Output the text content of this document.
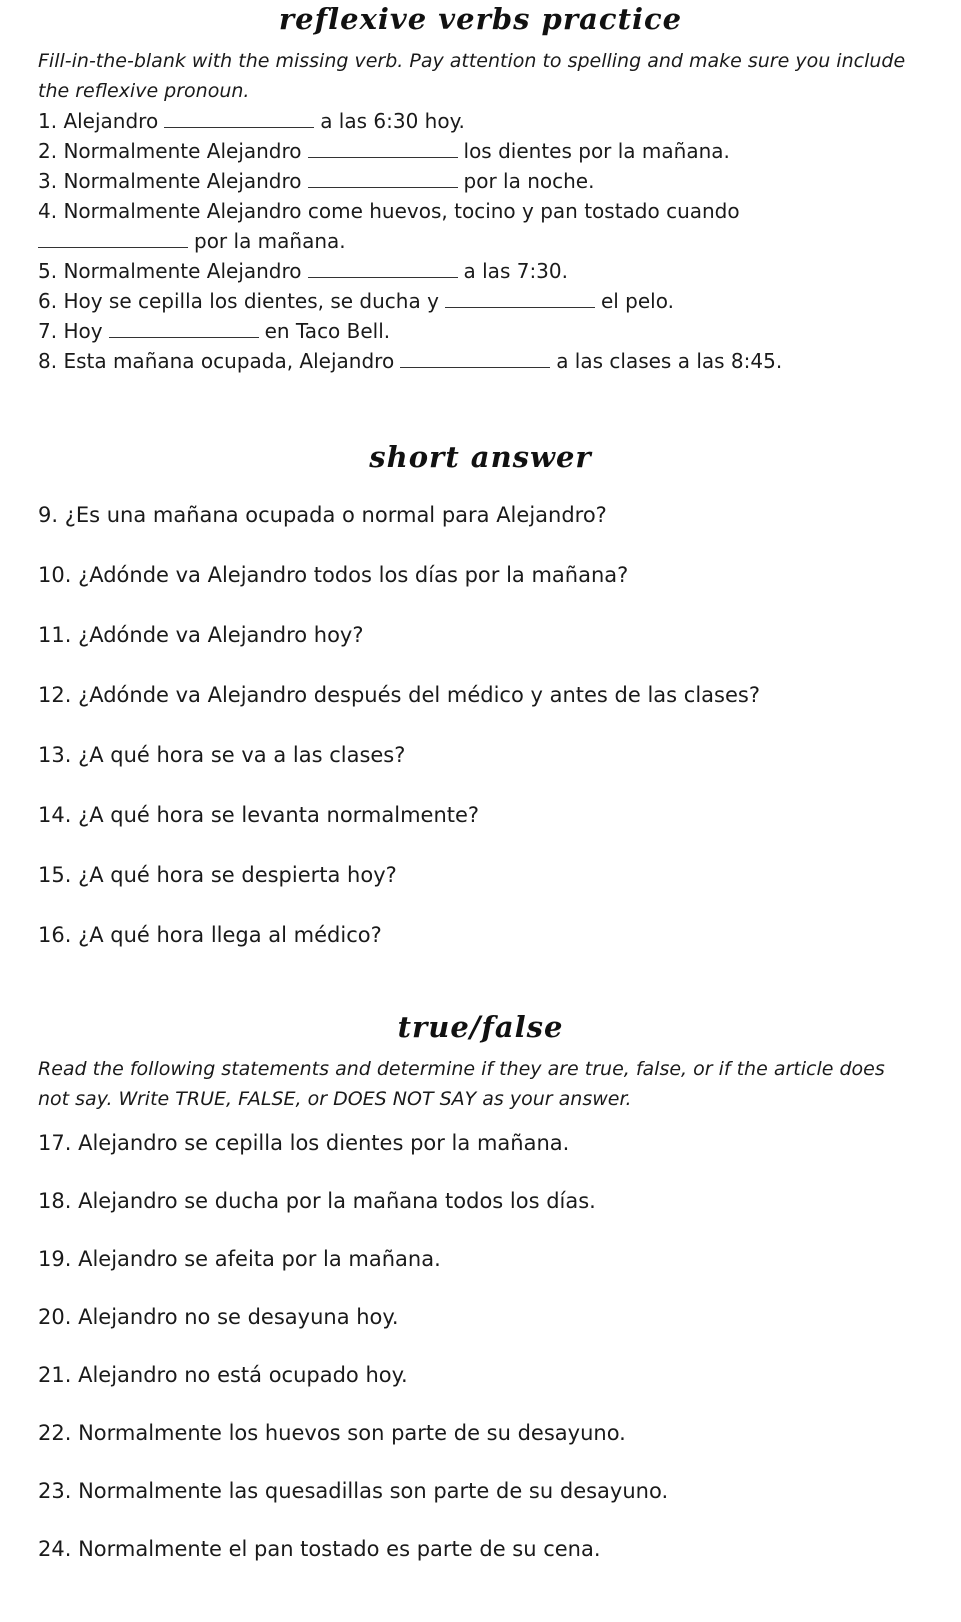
reflexive verbs practice
Fill-in-the-blank with the missing verb. Pay attention to spelling and make sure you include the reflexive pronoun.
1. Alejandro	a las 6:30 hoy.
2. Normalmente Alejandro	los dientes por la mañana.
3. Normalmente Alejandro	por la noche.
4. Normalmente Alejandro come huevos, tocino y pan tostado cuando
por la mañana.
5. Normalmente Alejandro	a las 7:30.
6. Hoy se cepilla los dientes, se ducha y	el pelo.
7. Hoy	en Taco Bell.
8. Esta mañana ocupada, Alejandro	a las clases a las 8:45.
short answer
9. ¿Es una mañana ocupada o normal para Alejandro?
10. ¿Adónde va Alejandro todos los días por la mañana?
11. ¿Adónde va Alejandro hoy?
12. ¿Adónde va Alejandro después del médico y antes de las clases?
13. ¿A qué hora se va a las clases?
14. ¿A qué hora se levanta normalmente?
15. ¿A qué hora se despierta hoy?
16. ¿A qué hora llega al médico?
true/false
Read the following statements and determine if they are true, false, or if the article does not say. Write TRUE, FALSE, or DOES NOT SAY as your answer.
17. Alejandro se cepilla los dientes por la mañana.
18. Alejandro se ducha por la mañana todos los días.
19. Alejandro se afeita por la mañana.
20. Alejandro no se desayuna hoy.
21. Alejandro no está ocupado hoy.
22. Normalmente los huevos son parte de su desayuno.
23. Normalmente las quesadillas son parte de su desayuno.
24. Normalmente el pan tostado es parte de su cena.
